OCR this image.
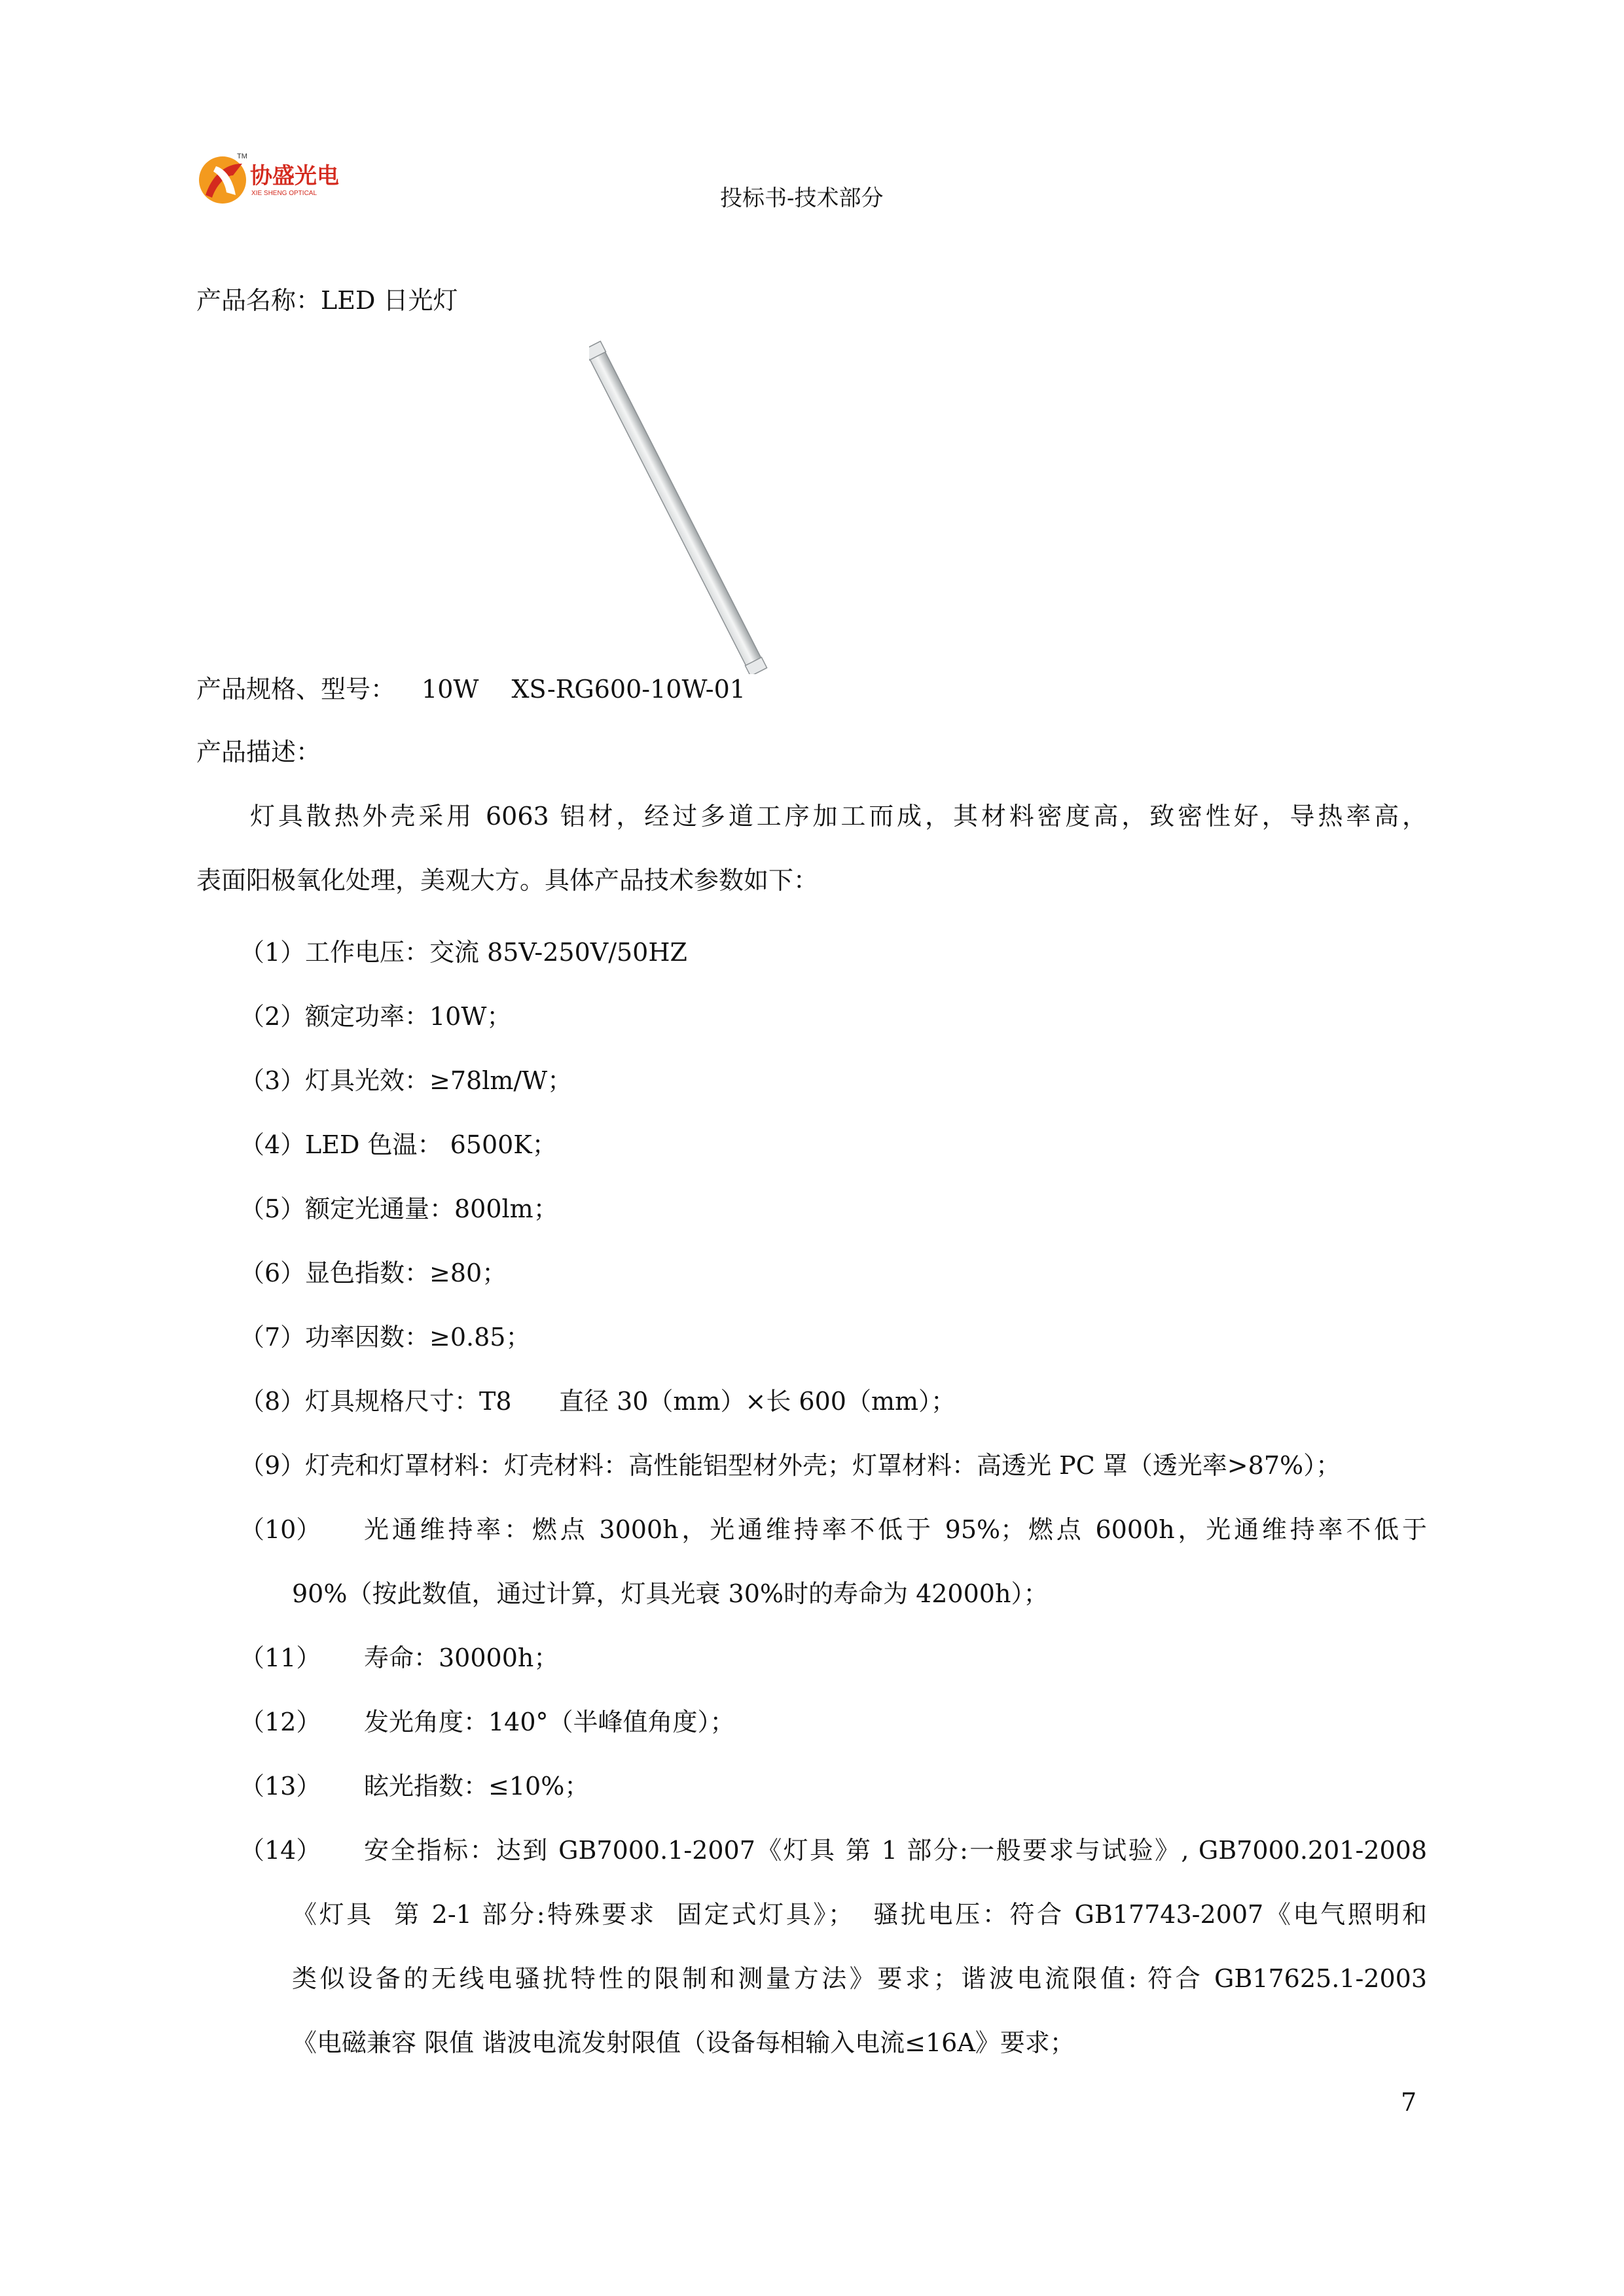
TM
协盛光电
XIE SHENG OPTICAL	投标书-技术部分
产品名称：LED 日光灯
产品规格、型号： 10W XS-RG600-10W-01
产品描述：
灯具散热外壳采用 6063 铝材，经过多道工序加工而成，其材料密度高，致密性好，导热率高，
表面阳极氧化处理，美观大方。具体产品技术参数如下：
（1）工作电压：交流 85V-250V/50HZ
（2）额定功率：10W；
（3）灯具光效：≥78lm/W；
（4）LED 色温： 6500K；
（5）额定光通量：800lm；
（6）显色指数：≥80；
（7）功率因数：≥0.85；
（8）灯具规格尺寸：T8      直径 30（mm）×长 600（mm）；
（9）灯壳和灯罩材料：灯壳材料：高性能铝型材外壳；灯罩材料：高透光 PC 罩（透光率>87%）；
（10） 光通维持率：燃点 3000h，光通维持率不低于 95%；燃点 6000h，光通维持率不低于
90%（按此数值，通过计算，灯具光衰 30%时的寿命为 42000h）；
（11） 寿命：30000h；
（12） 发光角度：140°（半峰值角度）；
（13） 眩光指数：≤10%；
（14） 安全指标：达到 GB7000.1-2007《灯具 第 1 部分:一般要求与试验》, GB7000.201-2008
《灯具  第 2-1 部分:特殊要求  固定式灯具》；  骚扰电压：符合 GB17743-2007《电气照明和
类似设备的无线电骚扰特性的限制和测量方法》要求；谐波电流限值: 符合 GB17625.1-2003
《电磁兼容 限值 谐波电流发射限值（设备每相输入电流≤16A》要求；
7
